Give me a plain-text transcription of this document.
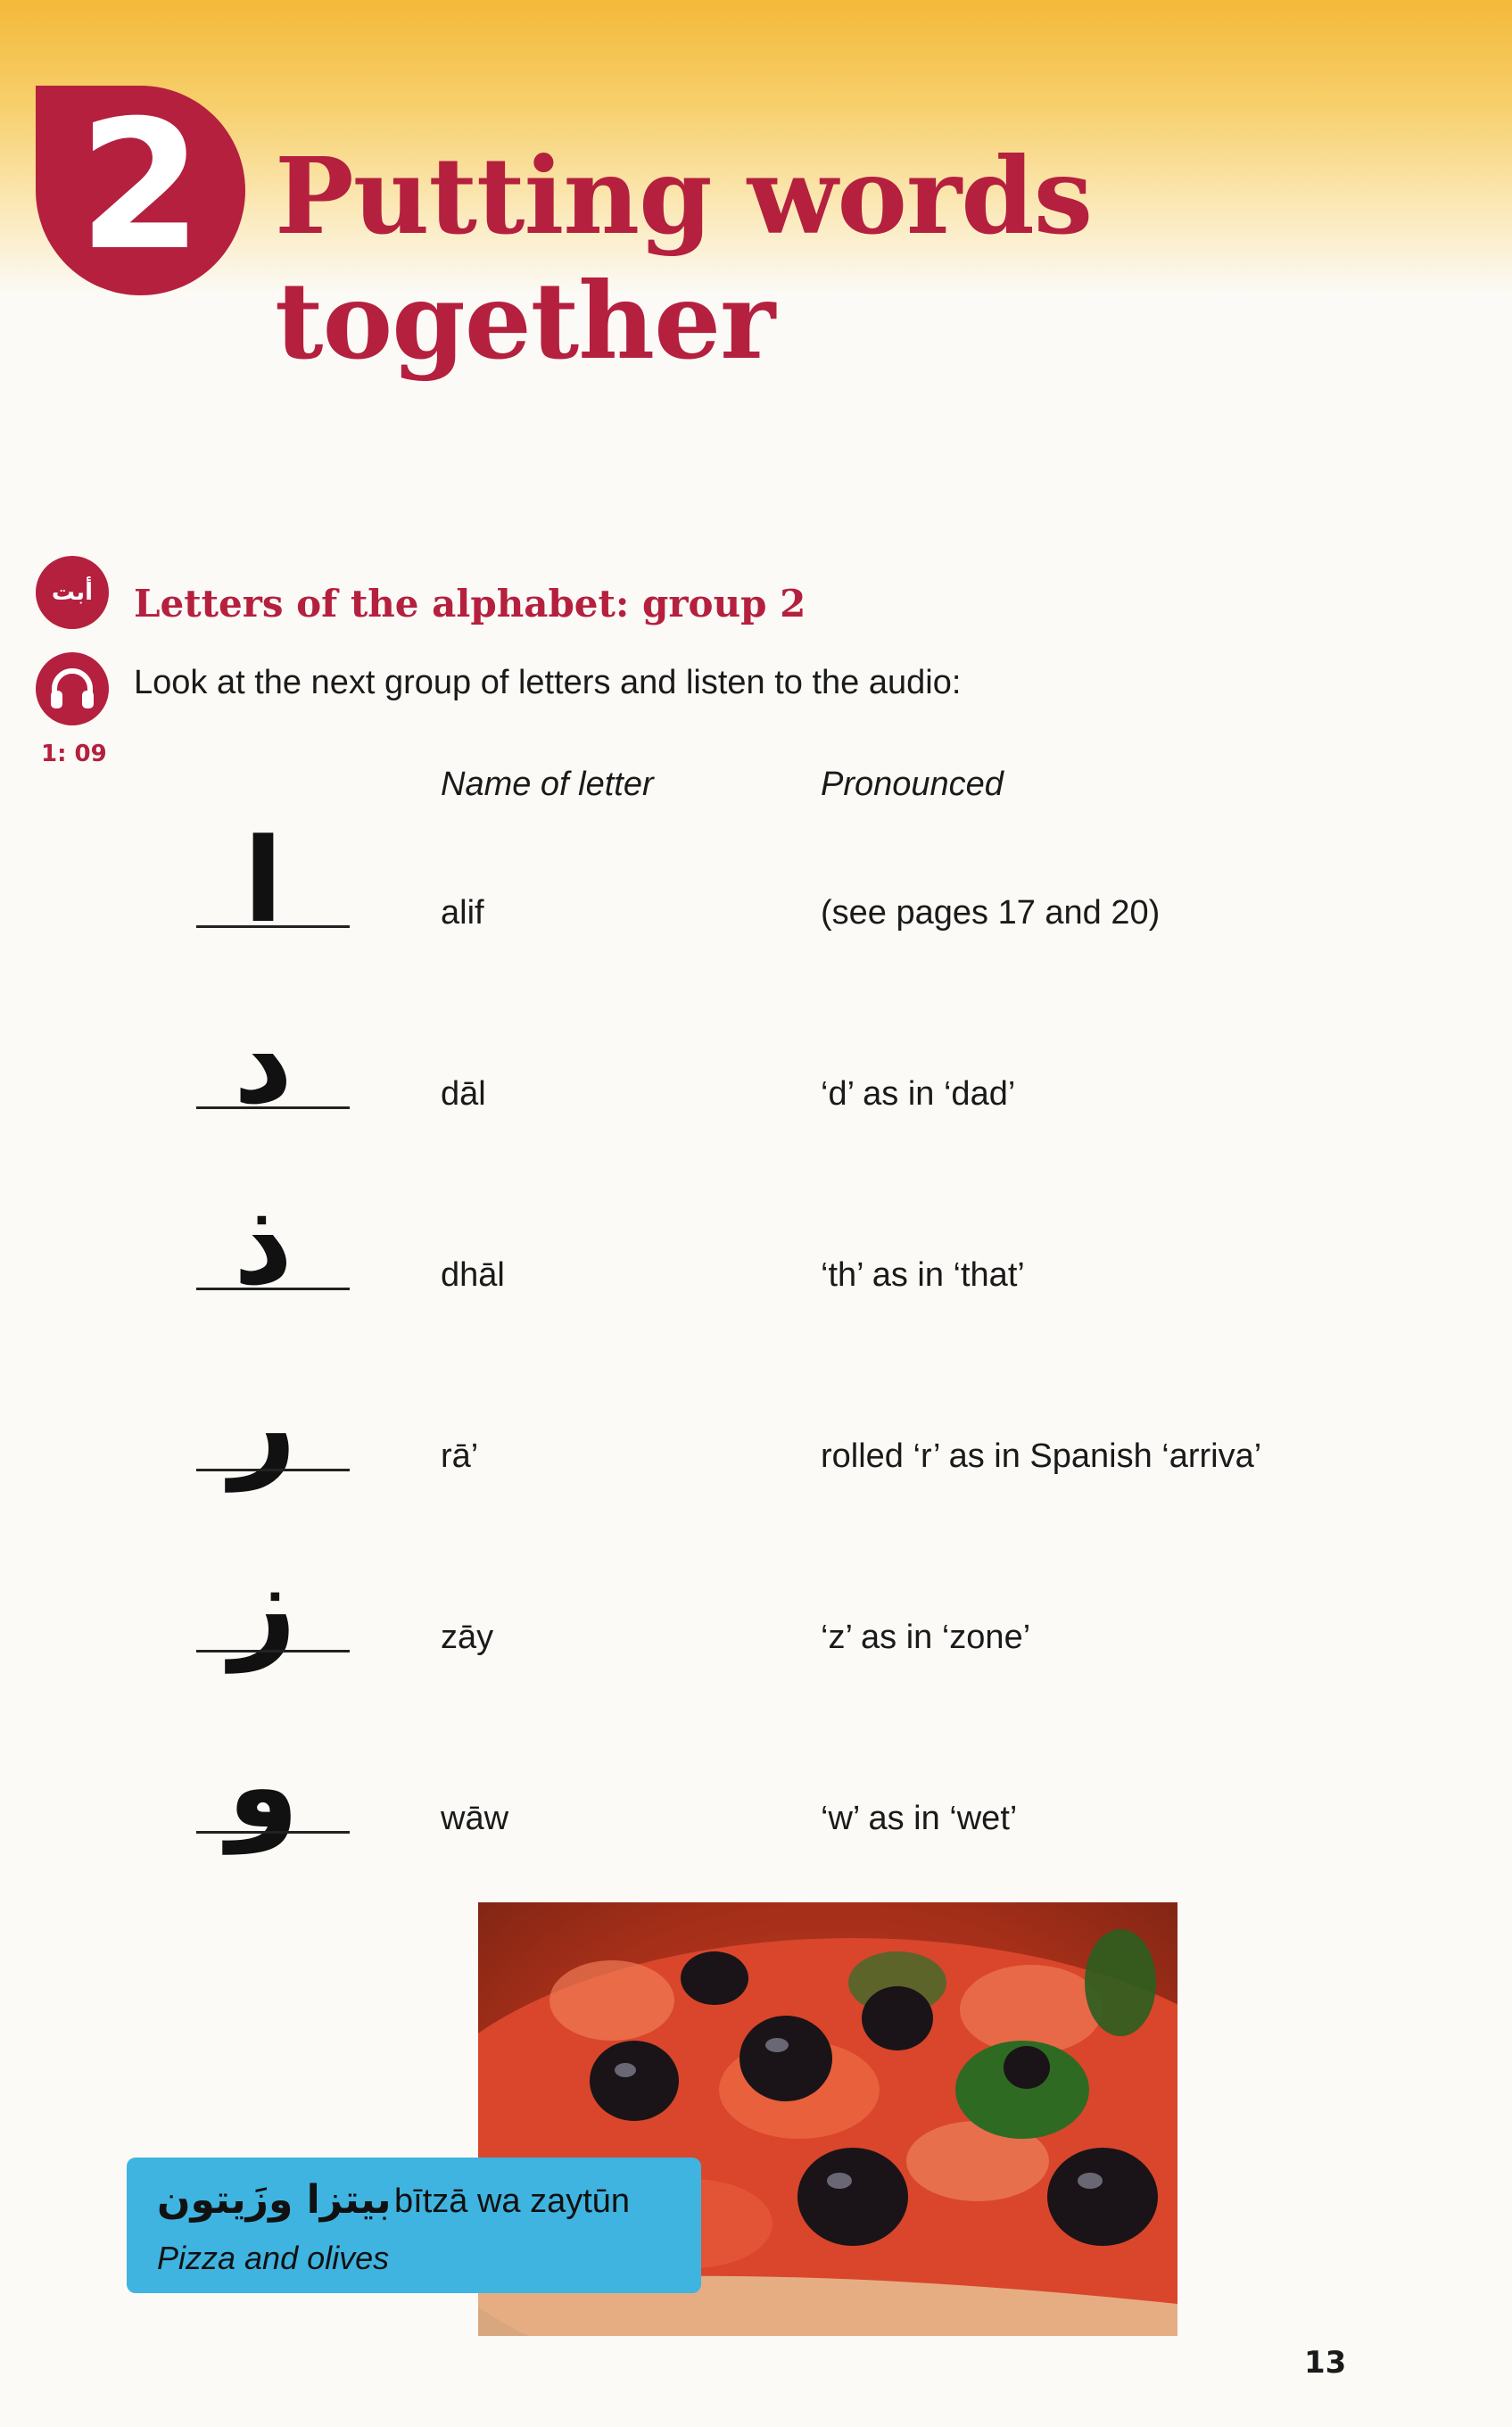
2 Putting words together
أبت
1: 09
Letters of the alphabet: group 2
Look at the next group of letters and listen to the audio:
Name of letter	Pronounced
ا	alif	(see pages 17 and 20)
د	dāl	‘d’ as in ‘dad’
ذ	dhāl	‘th’ as in ‘that’
ر	rā’	rolled ‘r’ as in Spanish ‘arriva’
ز	zāy	‘z’ as in ‘zone’
و	wāw	‘w’ as in ‘wet’
بيتزا وزَيتون bītzā wa zaytūn
Pizza and olives
13
